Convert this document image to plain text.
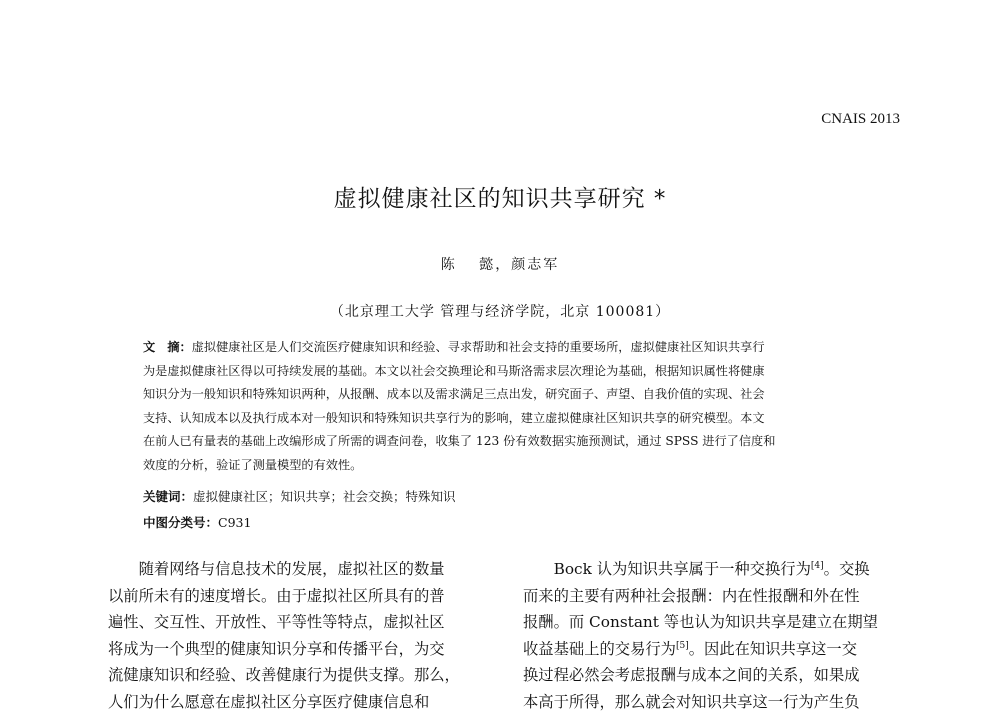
CNAIS 2013
虚拟健康社区的知识共享研究 *
陈　 懿，颜志军
（北京理工大学 管理与经济学院，北京 100081）
文　摘：虚拟健康社区是人们交流医疗健康知识和经验、寻求帮助和社会支持的重要场所，虚拟健康社区知识共享行
为是虚拟健康社区得以可持续发展的基础。本文以社会交换理论和马斯洛需求层次理论为基础，根据知识属性将健康
知识分为一般知识和特殊知识两种，从报酬、成本以及需求满足三点出发，研究面子、声望、自我价值的实现、社会
支持、认知成本以及执行成本对一般知识和特殊知识共享行为的影响，建立虚拟健康社区知识共享的研究模型。本文
在前人已有量表的基础上改编形成了所需的调查问卷，收集了 123 份有效数据实施预测试，通过 SPSS 进行了信度和
效度的分析，验证了测量模型的有效性。
关键词：虚拟健康社区；知识共享；社会交换；特殊知识
中图分类号：C931
　　随着网络与信息技术的发展，虚拟社区的数量
以前所未有的速度增长。由于虚拟社区所具有的普
遍性、交互性、开放性、平等性等特点，虚拟社区
将成为一个典型的健康知识分享和传播平台，为交
流健康知识和经验、改善健康行为提供支撑。那么，
人们为什么愿意在虚拟社区分享医疗健康信息和
　　Bock 认为知识共享属于一种交换行为[4]。交换
而来的主要有两种社会报酬：内在性报酬和外在性
报酬。而 Constant 等也认为知识共享是建立在期望
收益基础上的交易行为[5]。因此在知识共享这一交
换过程必然会考虑报酬与成本之间的关系，如果成
本高于所得，那么就会对知识共享这一行为产生负
